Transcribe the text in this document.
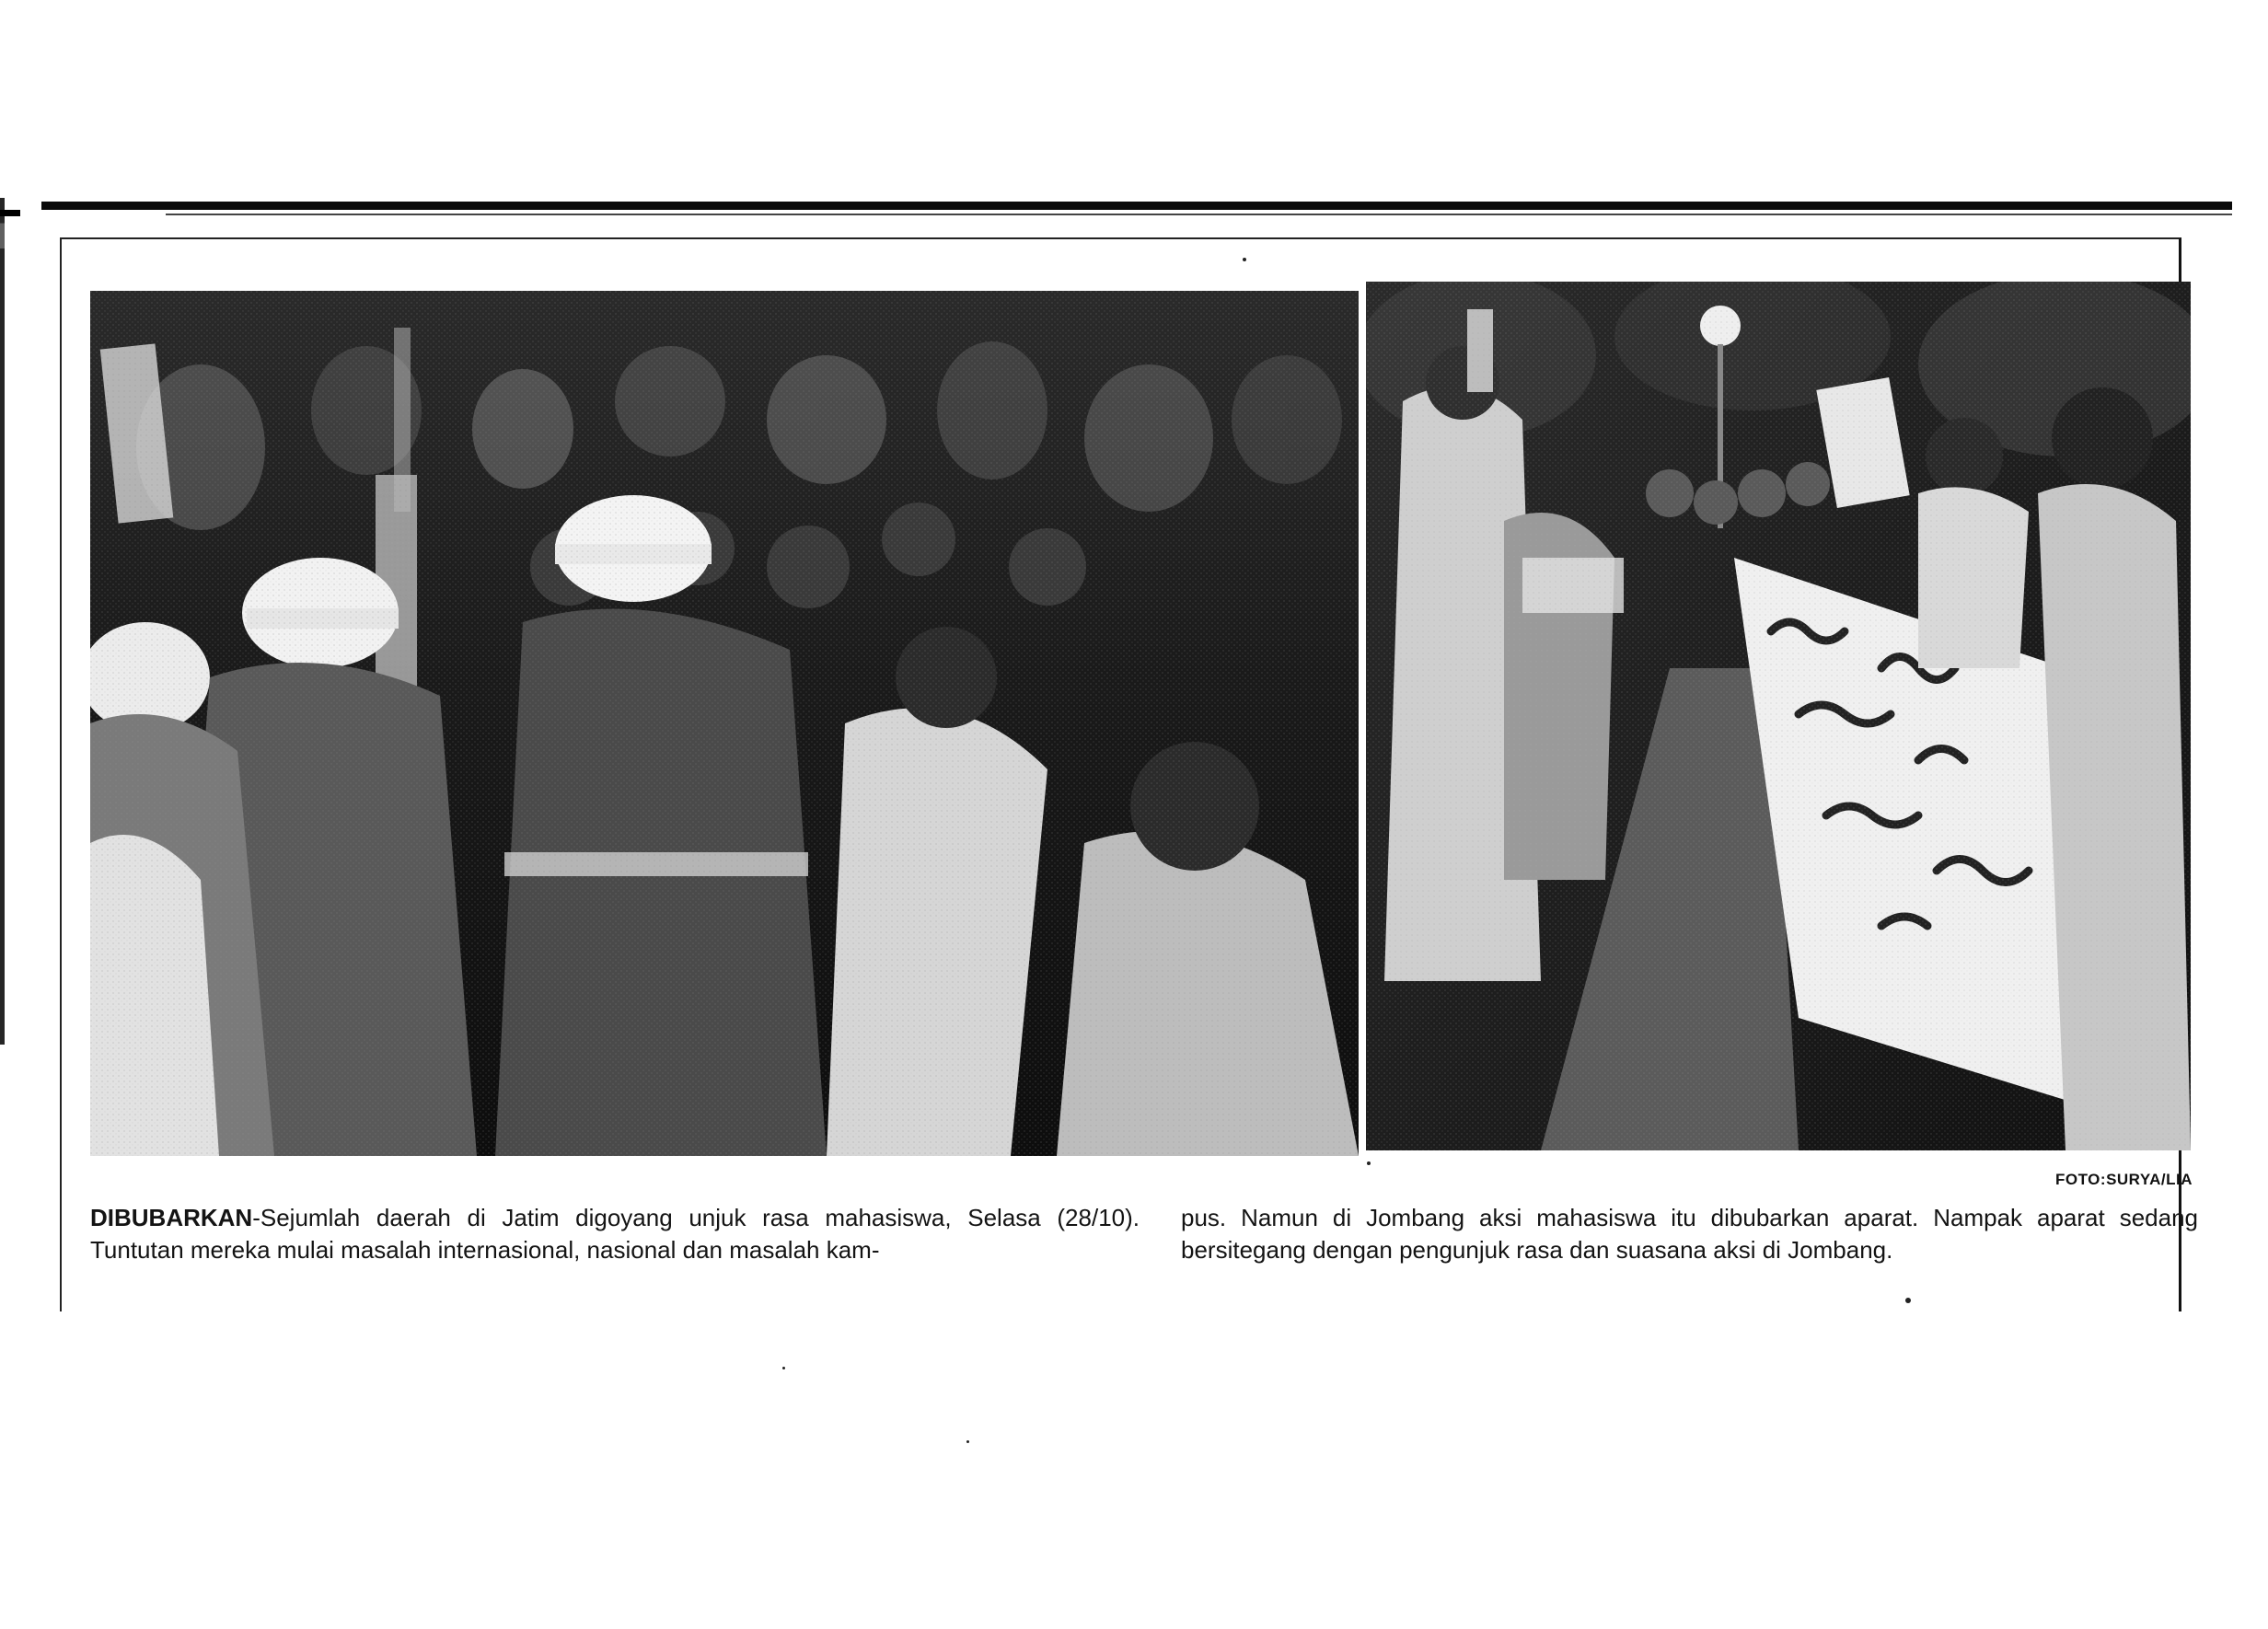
FOTO:SURYA/LIA
DIBUBARKAN-Sejumlah daerah di Jatim digoyang unjuk rasa mahasiswa, Selasa (28/10). Tuntutan mereka mulai masalah internasional, nasional dan masalah kam-
pus. Namun di Jombang aksi mahasiswa itu dibubarkan aparat. Nampak aparat sedang bersitegang dengan pengunjuk rasa dan suasana aksi di Jombang.
